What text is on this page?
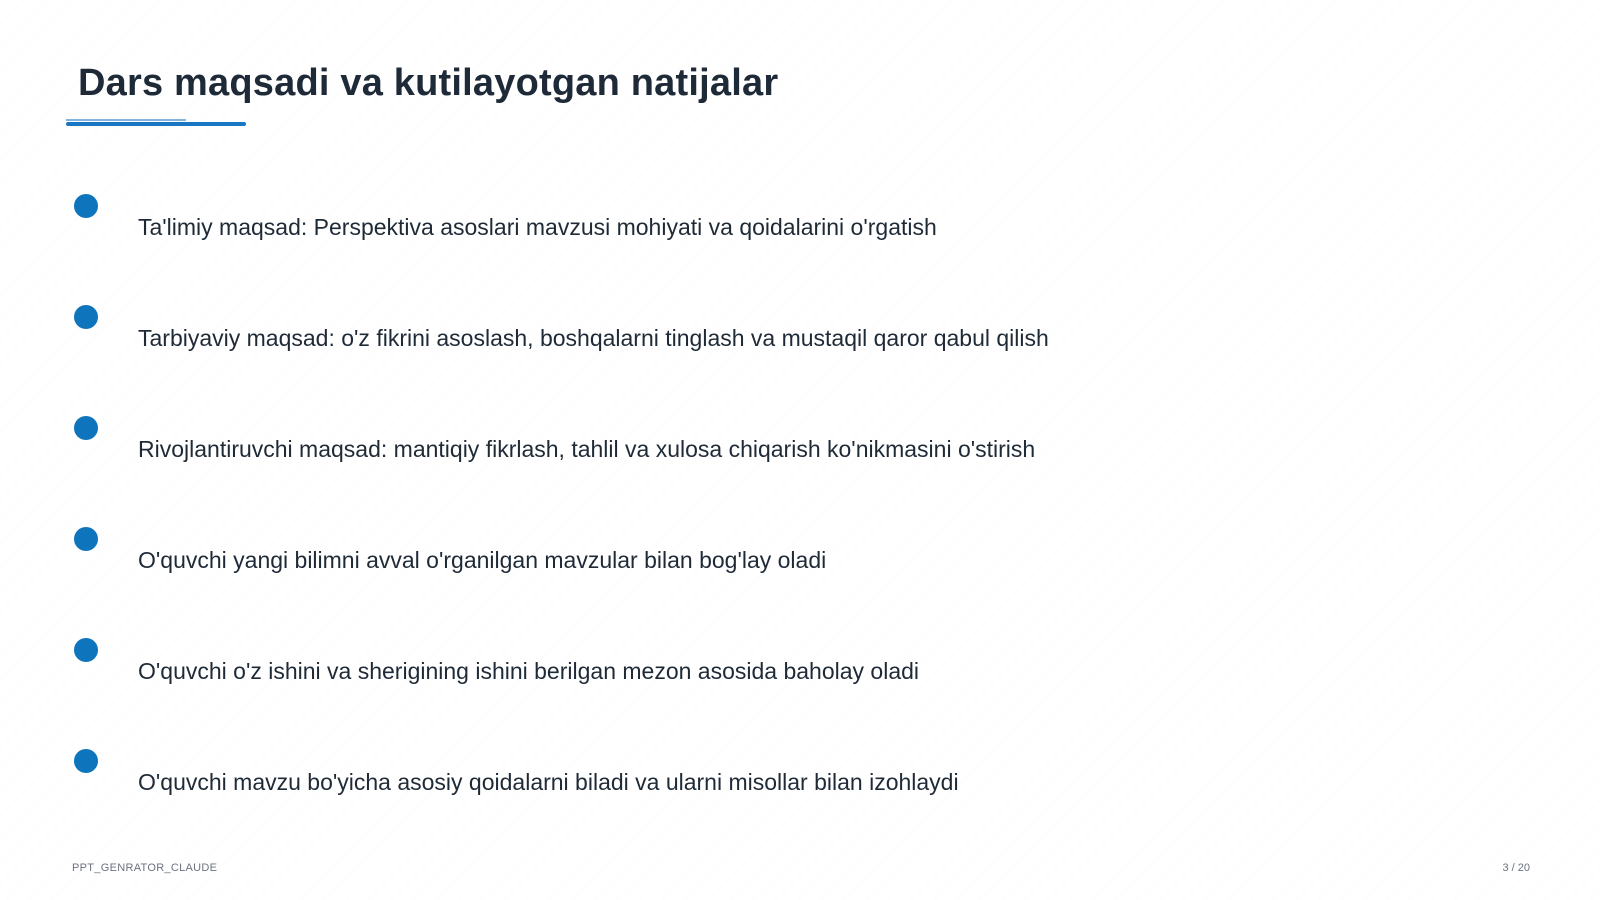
Dars maqsadi va kutilayotgan natijalar
Ta'limiy maqsad: Perspektiva asoslari mavzusi mohiyati va qoidalarini o'rgatish
Tarbiyaviy maqsad: o'z fikrini asoslash, boshqalarni tinglash va mustaqil qaror qabul qilish
Rivojlantiruvchi maqsad: mantiqiy fikrlash, tahlil va xulosa chiqarish ko'nikmasini o'stirish
O'quvchi yangi bilimni avval o'rganilgan mavzular bilan bog'lay oladi
O'quvchi o'z ishini va sherigining ishini berilgan mezon asosida baholay oladi
O'quvchi mavzu bo'yicha asosiy qoidalarni biladi va ularni misollar bilan izohlaydi
PPT_GENRATOR_CLAUDE	3 / 20
